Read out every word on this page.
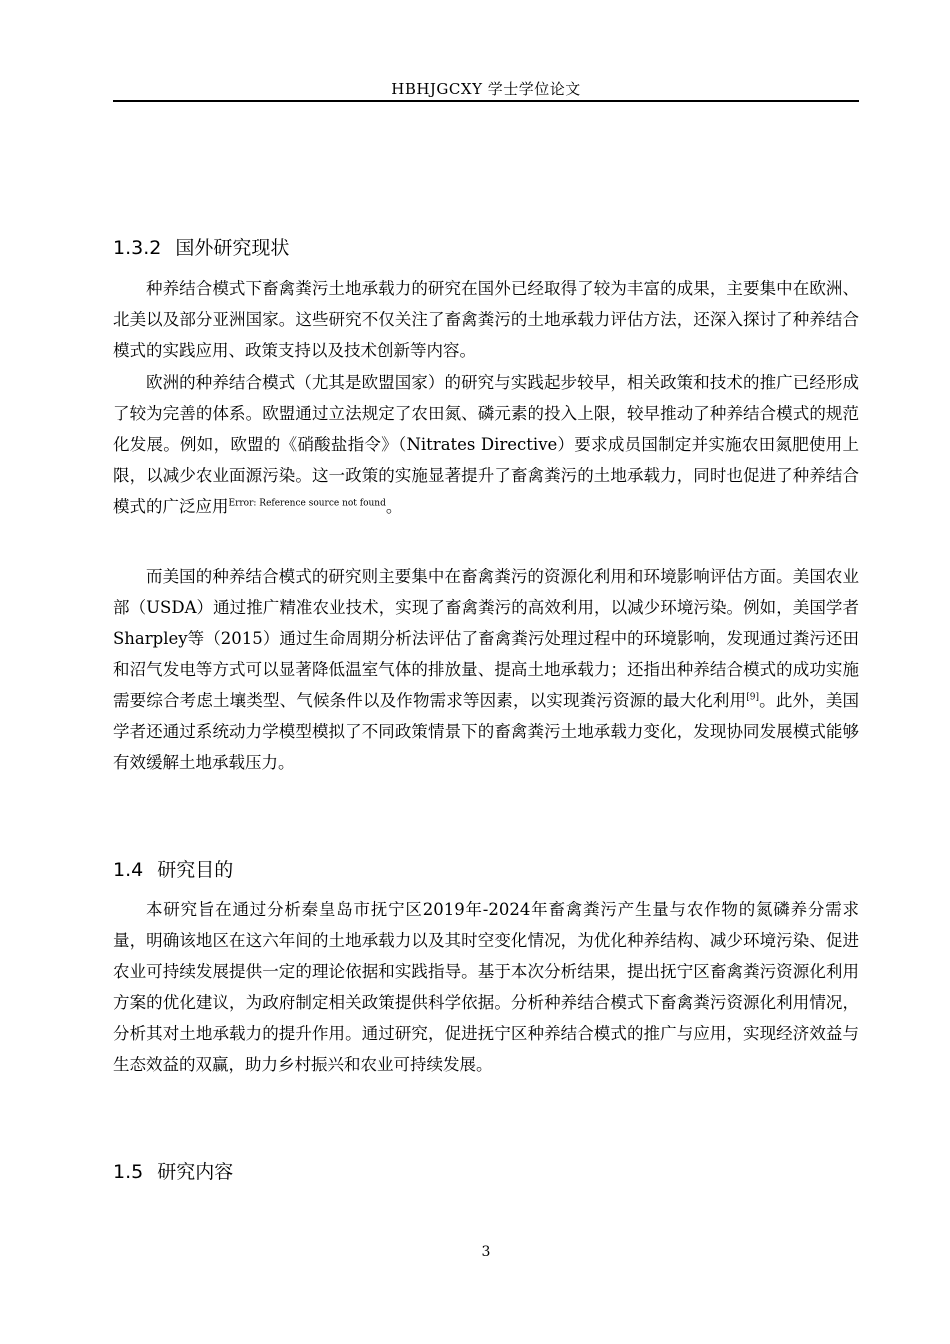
HBHJGCXY 学士学位论文
1.3.2 国外研究现状

种养结合模式下畜禽粪污土地承载力的研究在国外已经取得了较为丰富的成果，主要集中在欧洲、北美以及部分亚洲国家。这些研究不仅关注了畜禽粪污的土地承载力评估方法，还深入探讨了种养结合模式的实践应用、政策支持以及技术创新等内容。

欧洲的种养结合模式（尤其是欧盟国家）的研究与实践起步较早，相关政策和技术的推广已经形成了较为完善的体系。欧盟通过立法规定了农田氮、磷元素的投入上限，较早推动了种养结合模式的规范化发展。例如，欧盟的《硝酸盐指令》（Nitrates Directive）要求成员国制定并实施农田氮肥使用上限，以减少农业面源污染。这一政策的实施显著提升了畜禽粪污的土地承载力，同时也促进了种养结合模式的广泛应用$^{Error: Reference source not found}$。

而美国的种养结合模式的研究则主要集中在畜禽粪污的资源化利用和环境影响评估方面。美国农业部（USDA）通过推广精准农业技术，实现了畜禽粪污的高效利用，以减少环境污染。例如，美国学者Sharpley等（2015）通过生命周期分析法评估了畜禽粪污处理过程中的环境影响，发现通过粪污还田和沼气发电等方式可以显著降低温室气体的排放量、提高土地承载力；还指出种养结合模式的成功实施需要综合考虑土壤类型、气候条件以及作物需求等因素，以实现粪污资源的最大化利用[9]。此外，美国学者还通过系统动力学模型模拟了不同政策情景下的畜禽粪污土地承载力变化，发现协同发展模式能够有效缓解土地承载压力。

1.4 研究目的

本研究旨在通过分析秦皇岛市抚宁区2019年-2024年畜禽粪污产生量与农作物的氮磷养分需求量，明确该地区在这六年间的土地承载力以及其时空变化情况，为优化种养结构、减少环境污染、促进农业可持续发展提供一定的理论依据和实践指导。基于本次分析结果，提出抚宁区畜禽粪污资源化利用方案的优化建议，为政府制定相关政策提供科学依据。分析种养结合模式下畜禽粪污资源化利用情况，分析其对土地承载力的提升作用。通过研究，促进抚宁区种养结合模式的推广与应用，实现经济效益与生态效益的双赢，助力乡村振兴和农业可持续发展。

1.5 研究内容
3
